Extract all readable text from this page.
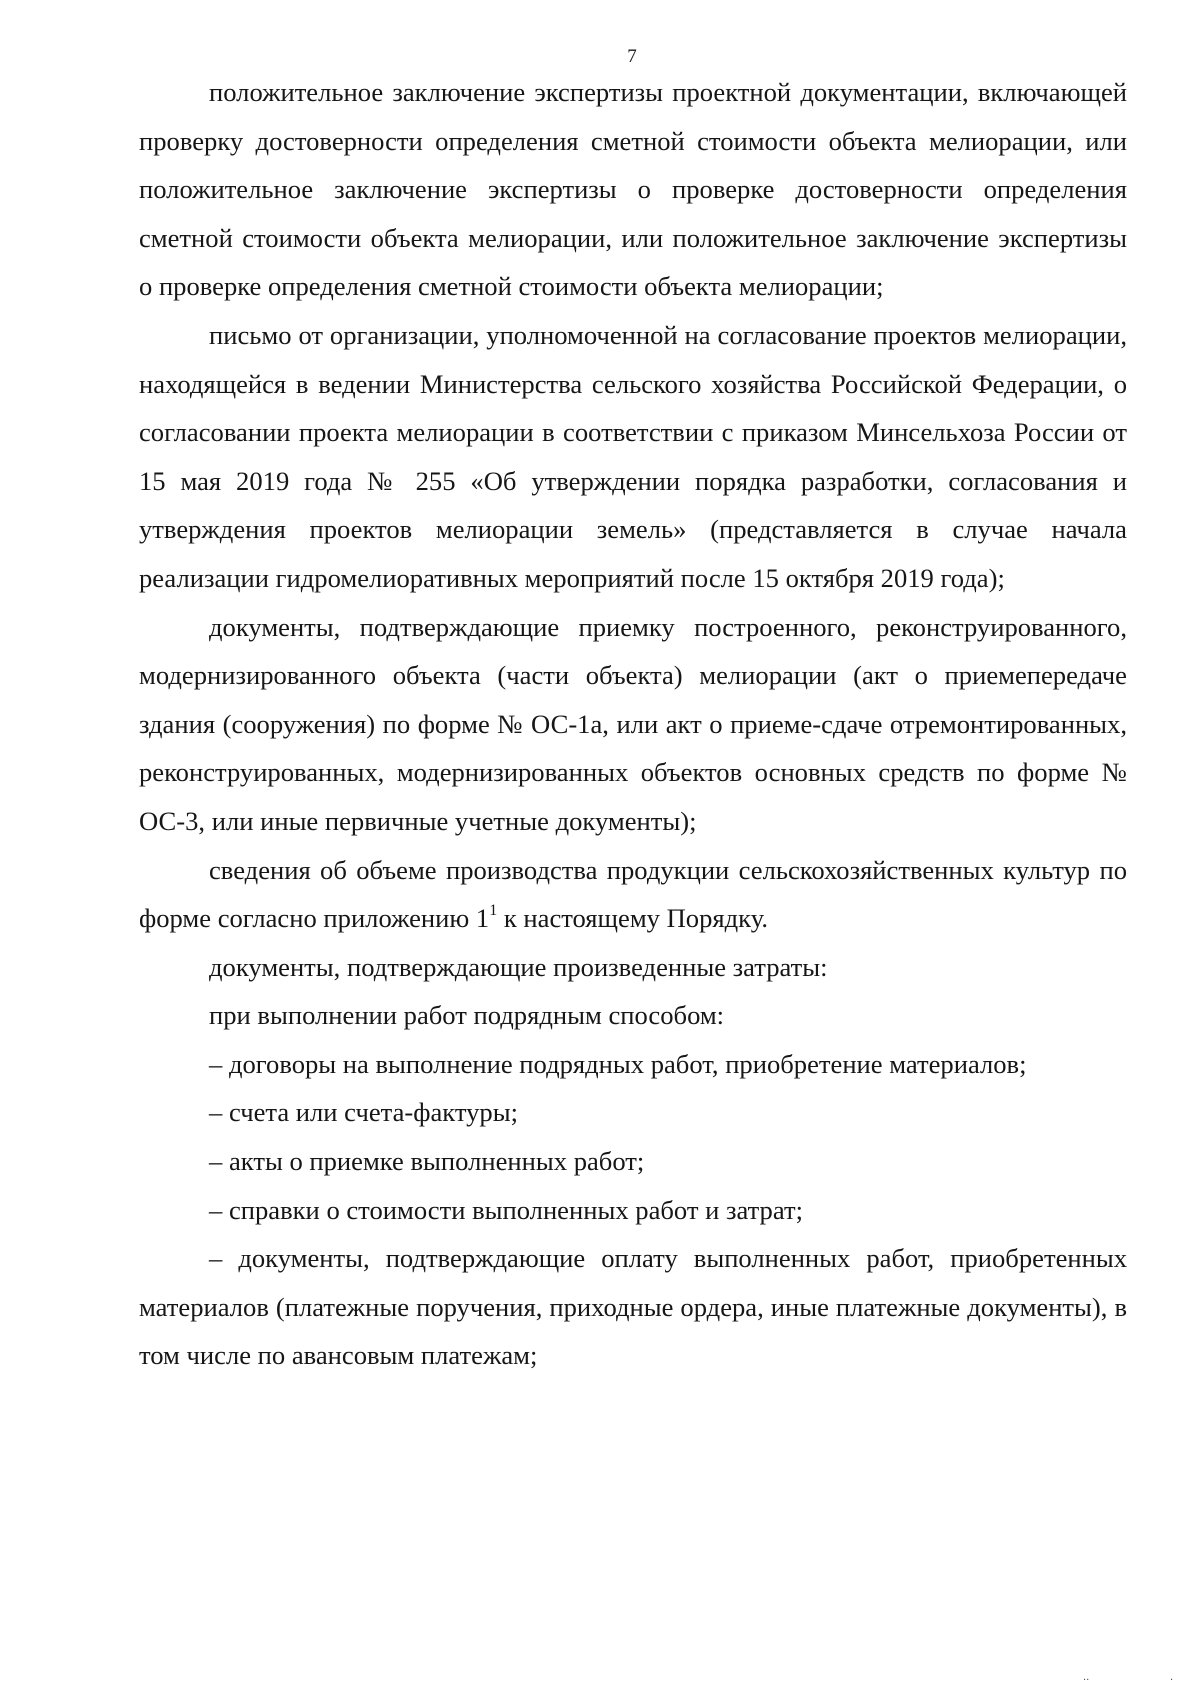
7

положительное заключение экспертизы проектной документации, включающей проверку достоверности определения сметной стоимости объекта мелиорации, или положительное заключение экспертизы о проверке достоверности определения сметной стоимости объекта мелиорации, или положительное заключение экспертизы о проверке определения сметной стоимости объекта мелиорации;

письмо от организации, уполномоченной на согласование проектов мелиорации, находящейся в ведении Министерства сельского хозяйства Российской Федерации, о согласовании проекта мелиорации в соответствии с приказом Минсельхоза России от 15 мая 2019 года № 255 «Об утверждении порядка разработки, согласования и утверждения проектов мелиорации земель» (представляется в случае начала реализации гидромелиоративных мероприятий после 15 октября 2019 года);

документы, подтверждающие приемку построенного, реконструированного, модернизированного объекта (части объекта) мелиорации (акт о приемепередаче здания (сооружения) по форме № ОС-1а, или акт о приеме-сдаче отремонтированных, реконструированных, модернизированных объектов основных средств по форме № ОС-3, или иные первичные учетные документы);

сведения об объеме производства продукции сельскохозяйственных культур по форме согласно приложению $1^1$ к настоящему Порядку.

документы, подтверждающие произведенные затраты:

при выполнении работ подрядным способом:

– договоры на выполнение подрядных работ, приобретение материалов;

– счета или счета-фактуры;

– акты о приемке выполненных работ;

– справки о стоимости выполненных работ и затрат;

– документы, подтверждающие оплату выполненных работ, приобретенных материалов (платежные поручения, приходные ордера, иные платежные документы), в том числе по авансовым платежам;

··	·
